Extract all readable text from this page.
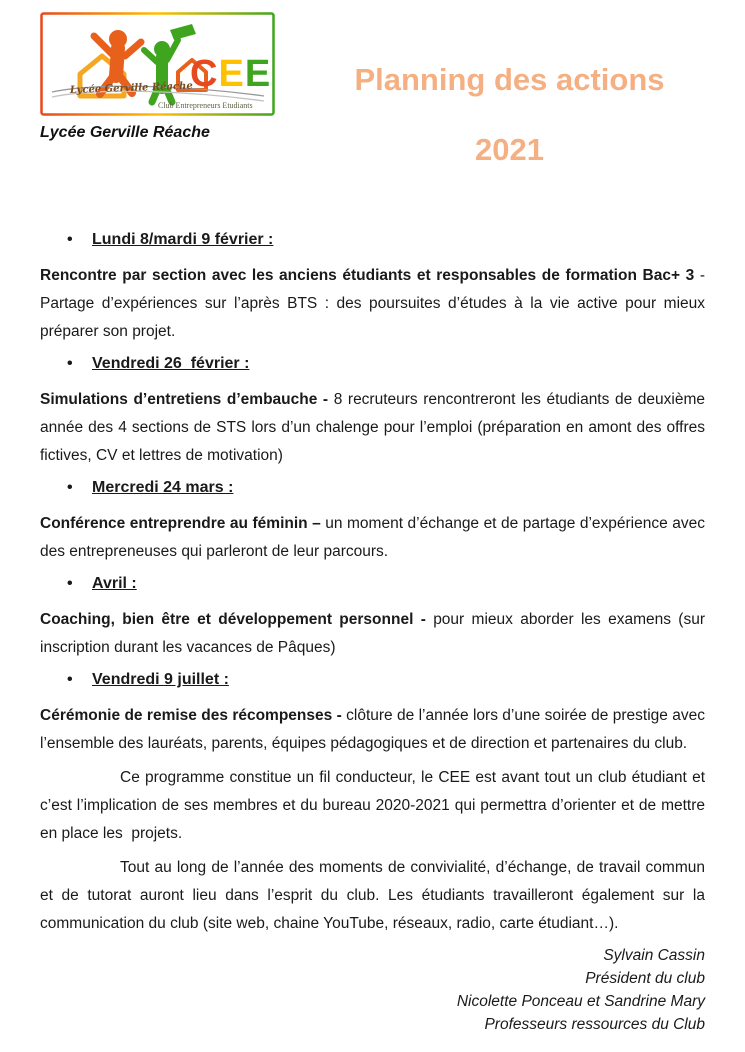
CEE
Lycée Gerville Réache
Club Entrepreneurs Etudiants
Lycée Gerville Réache
Planning des actions
2021
• Lundi 8/mardi 9 février :

Rencontre par section avec les anciens étudiants et responsables de formation Bac+ 3 -Partage d’expériences sur l’après BTS : des poursuites d’études à la vie active pour mieux préparer son projet.

• Vendredi 26  février :

Simulations d’entretiens d’embauche - 8 recruteurs rencontreront les étudiants de deuxième année des 4 sections de STS lors d’un chalenge pour l’emploi (préparation en amont des offres fictives, CV et lettres de motivation)

• Mercredi 24 mars :

Conférence entreprendre au féminin – un moment d’échange et de partage d’expérience avec des entrepreneuses qui parleront de leur parcours.

• Avril :

Coaching, bien être et développement personnel - pour mieux aborder les examens (sur inscription durant les vacances de Pâques)

• Vendredi 9 juillet :

Cérémonie de remise des récompenses - clôture de l’année lors d’une soirée de prestige avec l’ensemble des lauréats, parents, équipes pédagogiques et de direction et partenaires du club.

Ce programme constitue un fil conducteur, le CEE est avant tout un club étudiant et c’est l’implication de ses membres et du bureau 2020-2021 qui permettra d’orienter et de mettre en place les  projets.

Tout au long de l’année des moments de convivialité, d’échange, de travail commun et de tutorat auront lieu dans l’esprit du club. Les étudiants travailleront également sur la communication du club (site web, chaine YouTube, réseaux, radio, carte étudiant…).

Sylvain Cassin
Président du club
Nicolette Ponceau et Sandrine Mary
Professeurs ressources du Club
